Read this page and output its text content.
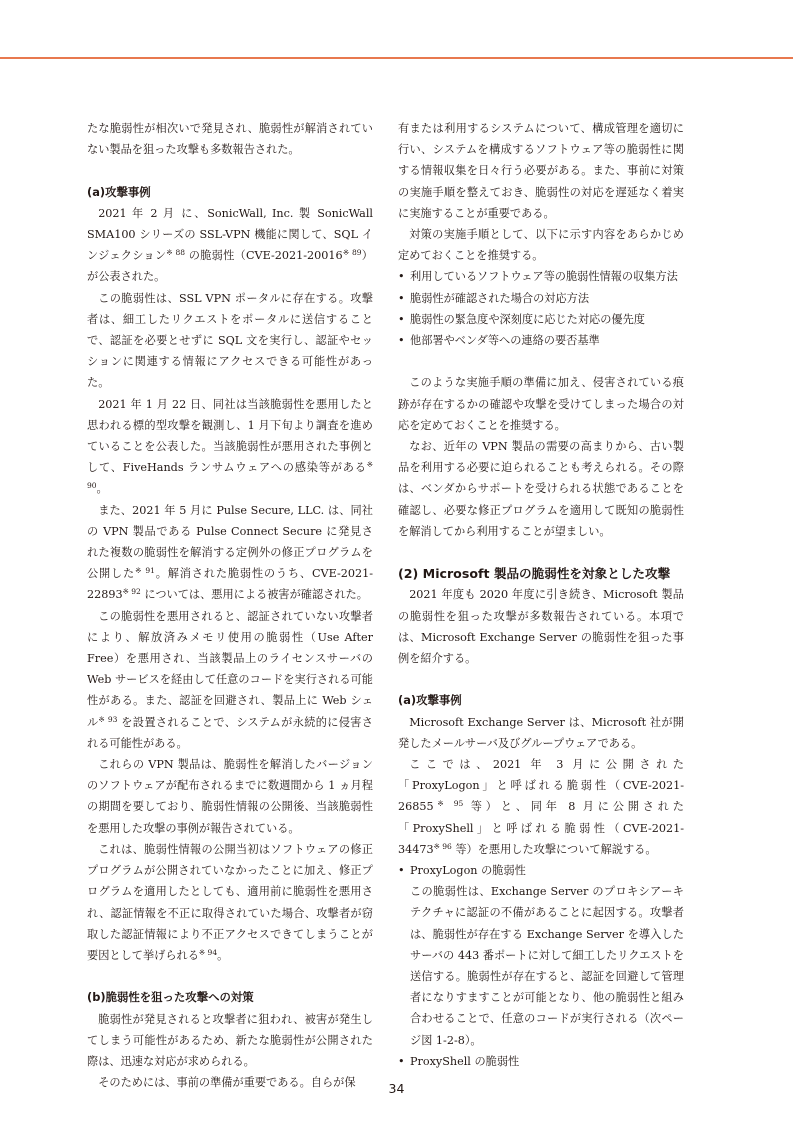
たな脆弱性が相次いで発見され、脆弱性が解消されていない製品を狙った攻撃も多数報告された。

(a)攻撃事例

2021 年 2 月 に、SonicWall, Inc. 製 SonicWall SMA100 シリーズの SSL-VPN 機能に関して、SQL インジェクション$^{※ 88}$ の脆弱性（CVE-2021-20016$^{※ 89}$）が公表された。

この脆弱性は、SSL VPN ポータルに存在する。攻撃者は、細工したリクエストをポータルに送信することで、認証を必要とせずに SQL 文を実行し、認証やセッションに関連する情報にアクセスできる可能性があった。

2021 年 1 月 22 日、同社は当該脆弱性を悪用したと思われる標的型攻撃を観測し、1 月下旬より調査を進めていることを公表した。当該脆弱性が悪用された事例として、FiveHands ランサムウェアへの感染等がある$^{※ 90}$。

また、2021 年 5 月に Pulse Secure, LLC. は、同社の VPN 製品である Pulse Connect Secure に発見された複数の脆弱性を解消する定例外の修正プログラムを公開した$^{※ 91}$。解消された脆弱性のうち、CVE-2021-22893$^{※ 92}$ については、悪用による被害が確認された。

この脆弱性を悪用されると、認証されていない攻撃者により、解放済みメモリ使用の脆弱性（Use After Free）を悪用され、当該製品上のライセンスサーバの Web サービスを経由して任意のコードを実行される可能性がある。また、認証を回避され、製品上に Web シェル$^{※ 93}$ を設置されることで、システムが永続的に侵害される可能性がある。

これらの VPN 製品は、脆弱性を解消したバージョンのソフトウェアが配布されるまでに数週間から 1 ヵ月程の期間を要しており、脆弱性情報の公開後、当該脆弱性を悪用した攻撃の事例が報告されている。

これは、脆弱性情報の公開当初はソフトウェアの修正プログラムが公開されていなかったことに加え、修正プログラムを適用したとしても、適用前に脆弱性を悪用され、認証情報を不正に取得されていた場合、攻撃者が窃取した認証情報により不正アクセスできてしまうことが要因として挙げられる$^{※ 94}$。

(b)脆弱性を狙った攻撃への対策

脆弱性が発見されると攻撃者に狙われ、被害が発生してしまう可能性があるため、新たな脆弱性が公開された際は、迅速な対応が求められる。

そのためには、事前の準備が重要である。自らが保

有または利用するシステムについて、構成管理を適切に行い、システムを構成するソフトウェア等の脆弱性に関する情報収集を日々行う必要がある。また、事前に対策の実施手順を整えておき、脆弱性の対応を遅延なく着実に実施することが重要である。

対策の実施手順として、以下に示す内容をあらかじめ定めておくことを推奨する。

• 利用しているソフトウェア等の脆弱性情報の収集方法
• 脆弱性が確認された場合の対応方法
• 脆弱性の緊急度や深刻度に応じた対応の優先度
• 他部署やベンダ等への連絡の要否基準

このような実施手順の準備に加え、侵害されている痕跡が存在するかの確認や攻撃を受けてしまった場合の対応を定めておくことを推奨する。

なお、近年の VPN 製品の需要の高まりから、古い製品を利用する必要に迫られることも考えられる。その際は、ベンダからサポートを受けられる状態であることを確認し、必要な修正プログラムを適用して既知の脆弱性を解消してから利用することが望ましい。

(2) Microsoft 製品の脆弱性を対象とした攻撃

2021 年度も 2020 年度に引き続き、Microsoft 製品の脆弱性を狙った攻撃が多数報告されている。本項では、Microsoft Exchange Server の脆弱性を狙った事例を紹介する。

(a)攻撃事例

Microsoft Exchange Server は、Microsoft 社が開発したメールサーバ及びグループウェアである。

ここでは、2021 年 3 月に公開された「ProxyLogon」と呼ばれる脆弱性（CVE-2021-26855$^{※ 95}$ 等）と、同年 8 月に公開された「ProxyShell」と呼ばれる脆弱性（CVE-2021-34473$^{※ 96}$ 等）を悪用した攻撃について解説する。

• ProxyLogon の脆弱性

この脆弱性は、Exchange Server のプロキシアーキテクチャに認証の不備があることに起因する。攻撃者は、脆弱性が存在する Exchange Server を導入したサーバの 443 番ポートに対して細工したリクエストを送信する。脆弱性が存在すると、認証を回避して管理者になりすますことが可能となり、他の脆弱性と組み合わせることで、任意のコードが実行される（次ページ図 1-2-8）。

• ProxyShell の脆弱性
34
